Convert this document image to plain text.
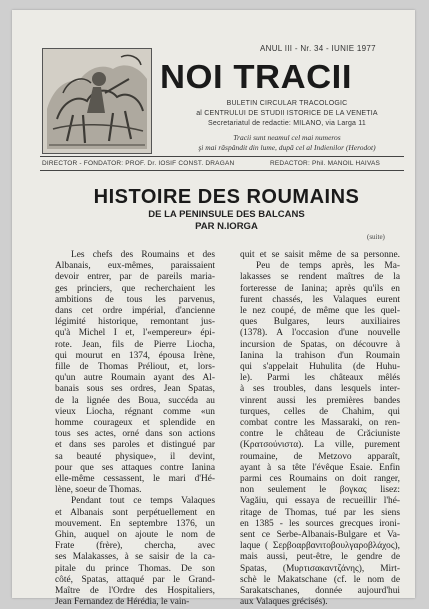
ANUL III - Nr. 34 - IUNIE 1977
NOI TRACII
BULETIN CIRCULAR TRACOLOGIC
al CENTRULUI DE STUDII ISTORICE DE LA VENETIA
Secretariatul de redactie: MILANO, via Larga 11
Tracii sunt neamul cel mai numeros
şi mai răspândit din lume, după cel al Indienilor (Herodot)
DIRECTOR - FONDATOR: PROF. Dr. IOSIF CONST. DRAGAN	REDACTOR: Phil. MANOIL HAIVAS
HISTOIRE DES ROUMAINS
DE LA PENINSULE DES BALCANS
PAR N.IORGA
(suite)
Les chefs des Roumains et des
Albanais, eux-mêmes, paraissaient
devoir entrer, par de pareils maria-
ges princiers, que recherchaient les
ambitions de tous les parvenus,
dans cet ordre impérial, d'ancienne
légimité historique, remontant jus-
qu'à Michel I et, l'«empereur» épi-
rote. Jean, fils de Pierre Liocha,
qui mourut en 1374, épousa Irène,
fille de Thomas Préliout, et, lors-
qu'un autre Roumain ayant des Al-
banais sous ses ordres, Jean Spatas,
de la lignée des Boua, succéda au
vieux Liocha, régnant comme «un
homme courageux et splendide en
tous ses actes, orné dans son actions
et dans ses paroles et distingué par
sa beauté physique», il devint,
pour que ses attaques contre Ianina
elle-même cessassent, le mari d'Hé-
lène, soeur de Thomas.
Pendant tout ce temps Valaques
et Albanais sont perpétuellement en
mouvement. En septembre 1376, un
Ghin, auquel on ajoute le nom de
Frate (frère), chercha, avec
ses Malakasses, à se saisir de la ca-
pitale du prince Thomas. De son
côté, Spatas, attaqué par le Grand-
Maître de l'Ordre des Hospitaliers,
Jean Fernandez de Hérédia, le vain-
quit et se saisit même de sa personne.
Peu de temps après, les Ma-
lakasses se rendent maîtres de la
forteresse de Ianina; après qu'ils en
furent chassés, les Valaques eurent
le nez coupé, de même que les quel-
ques Bulgares, leurs auxiliaires
(1378). A l'occasion d'une nouvelle
incursion de Spatas, on découvre à
Ianina la trahison d'un Roumain
qui s'appelait Huhulita (de Huhu-
le). Parmi les châteaux mêlés
à ses troubles, dans lesquels inter-
vinrent aussi les premières bandes
turques, celles de Chahim, qui
combat contre les Massaraki, on ren-
contre le château de Crăciuniste
(Κρατσούνιστα). La ville, purement
roumaine, de Metzovo apparaît,
ayant à sa tête l'évêque Esaie. Enfin
parmi ces Roumains on doit ranger,
non seulement le βογκας lisez:
Vagăiu, qui essaya de recueillir l'hé-
ritage de Thomas, tué par les siens
en 1385 - les sources grecques ironi-
sent ce Serbe-Albanais-Bulgare et Va-
laque ( Σερβοαρβανιτοβουλγαροβλάχος),
mais aussi, peut-être, le gendre de
Spatas, (Μυρτισακαντζάνης), Mirt-
schè le Makatschane (cf. le nom de
Sarakatschanes, donnée aujourd'hui
aux Valaques grécisés).
